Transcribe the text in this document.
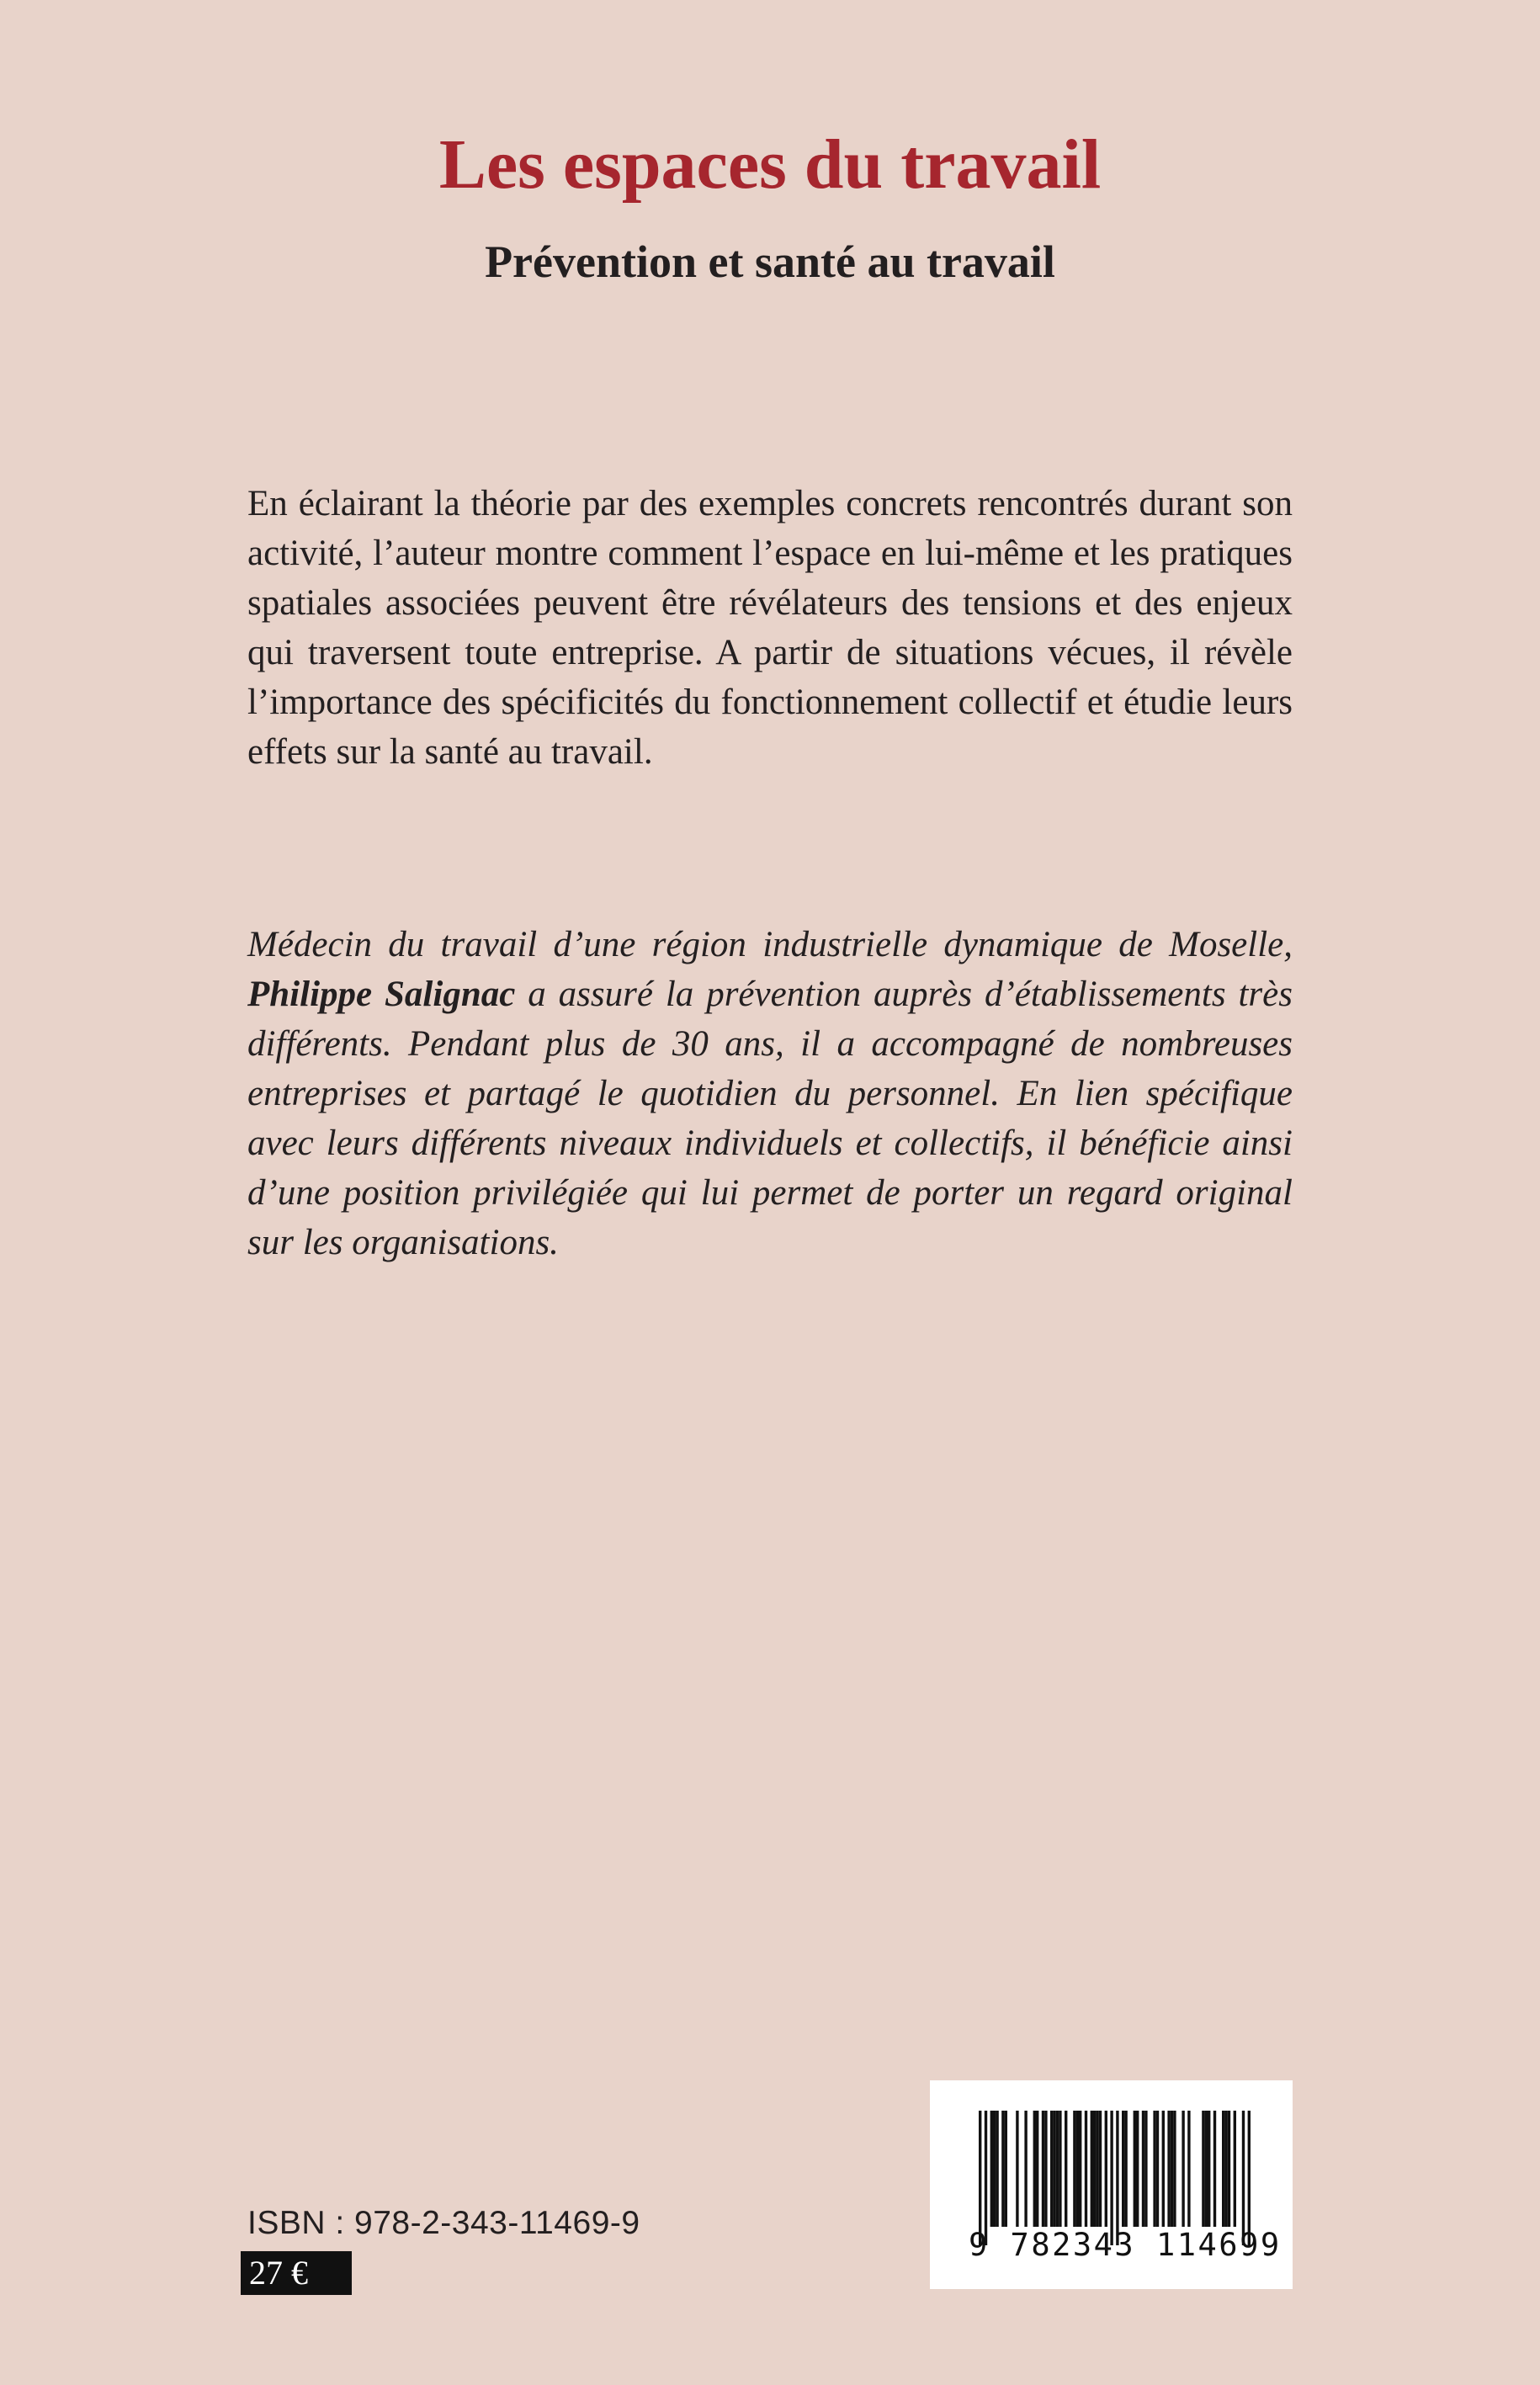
Les espaces du travail
Prévention et santé au travail

En éclairant la théorie par des exemples concrets rencontrés durant son activité, l’auteur montre comment l’espace en lui-même et les pratiques spatiales associées peuvent être révélateurs des tensions et des enjeux qui traversent toute entreprise. A partir de situations vécues, il révèle l’importance des spécificités du fonctionnement collectif et étudie leurs effets sur la santé au travail.

Médecin du travail d’une région industrielle dynamique de Moselle, Philippe Salignac a assuré la prévention auprès d’établissements très différents. Pendant plus de 30 ans, il a accompagné de nombreuses entreprises et partagé le quotidien du personnel. En lien spécifique avec leurs différents niveaux individuels et collectifs, il bénéficie ainsi d’une position privilégiée qui lui permet de porter un regard original sur les organisations.

ISBN : 978-2-343-11469-9
27 €
9 782343 114699
